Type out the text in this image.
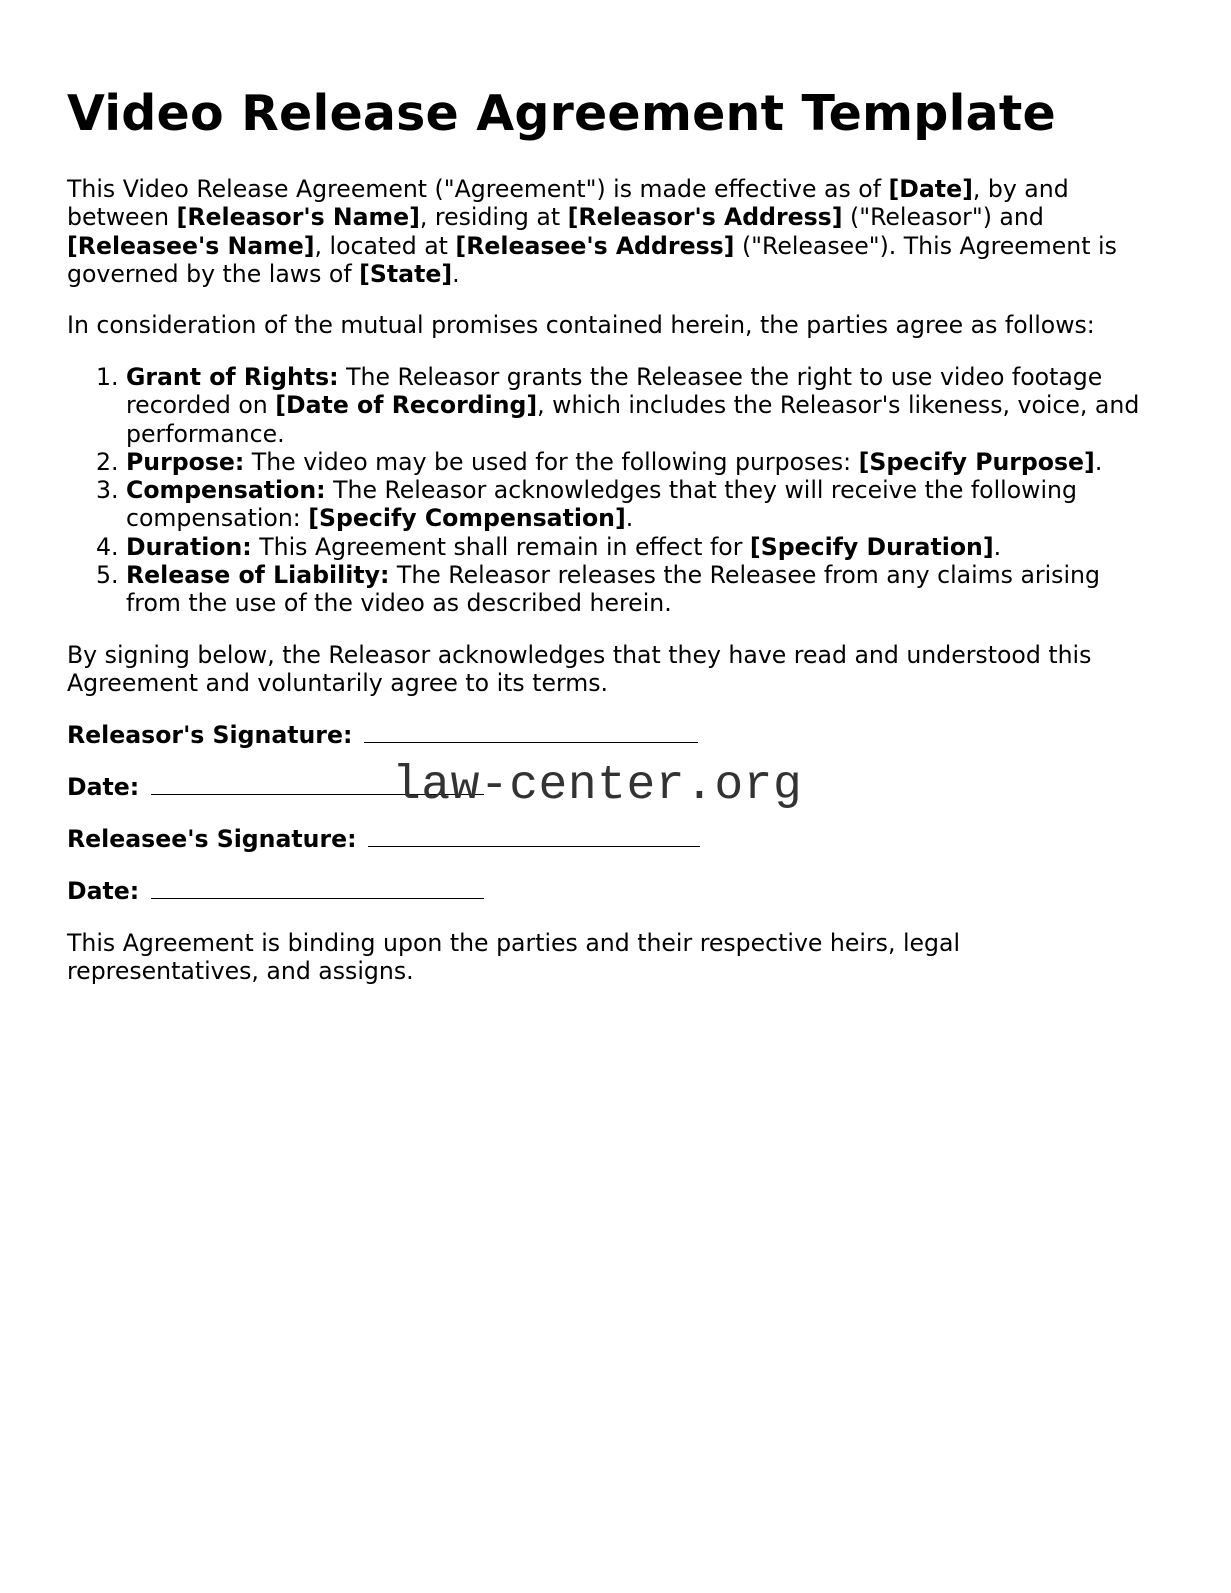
Video Release Agreement Template

This Video Release Agreement ("Agreement") is made effective as of [Date], by and between [Releasor's Name], residing at [Releasor's Address] ("Releasor") and
[Releasee's Name], located at [Releasee's Address] ("Releasee"). This Agreement is governed by the laws of [State].

In consideration of the mutual promises contained herein, the parties agree as follows:

1. Grant of Rights: The Releasor grants the Releasee the right to use video footage recorded on [Date of Recording], which includes the Releasor's likeness, voice, and performance.
2. Purpose: The video may be used for the following purposes: [Specify Purpose].
3. Compensation: The Releasor acknowledges that they will receive the following compensation: [Specify Compensation].
4. Duration: This Agreement shall remain in effect for [Specify Duration].
5. Release of Liability: The Releasor releases the Releasee from any claims arising from the use of the video as described herein.

By signing below, the Releasor acknowledges that they have read and understood this Agreement and voluntarily agree to its terms.

Releasor's Signature:
Date:
Releasee's Signature:
Date:

This Agreement is binding upon the parties and their respective heirs, legal representatives, and assigns.

law-center.org
